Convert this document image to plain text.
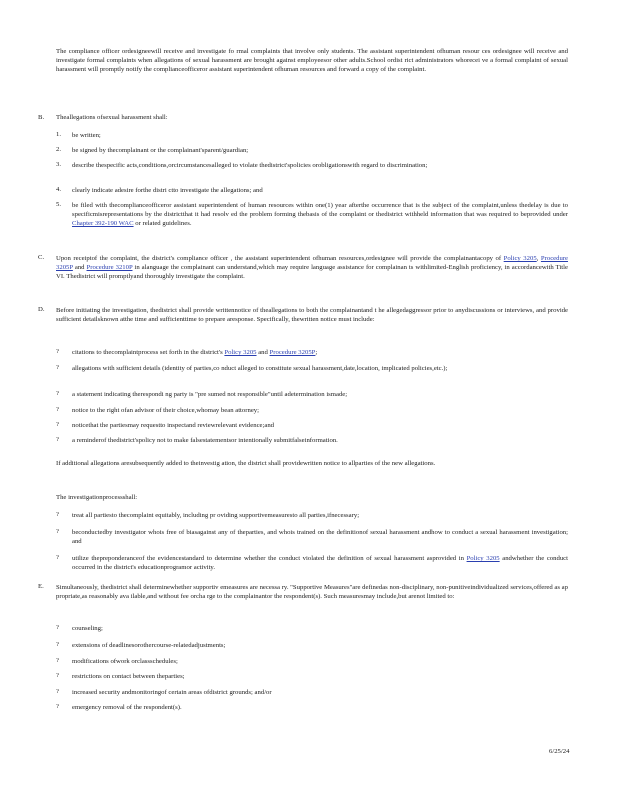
The compliance officer ordesigneewill receive and investigate fo rmal complaints that involve only students. The assistant superintendent ofhuman resour ces ordesignee will receive and investigate formal complaints when allegations of sexual harassment are brought against employeesor other adults.School ordist rict administrators whorecei ve a formal complaint of sexual harassment will promptly notify the complianceofficeror assistant superintendent ofhuman resources and forward a copy of the complaint.
B. Theallegations ofsexual harassment shall:
1. be written;
2. be signed by thecomplainant or the complainant'sparent/guardian;
3. describe thespecific acts,conditions,orcircumstancesalleged to violate thedistrict'spolicies orobligationswith regard to discrimination;
4. clearly indicate adesire forthe distri ctto investigate the allegations; and
5. be filed with thecomplianceofficeror assistant superintendent of human resources within one(1) year afterthe occurrence that is the subject of the complaint,unless thedelay is due to specificmisrepresentations by the districtthat it had resolv ed the problem forming thebasis of the complaint or thedistrict withheld information that was required to beprovided under Chapter 392-190 WAC or related guidelines.
C. Upon receiptof the complaint, the district's compliance officer , the assistant superintendent ofhuman resources,ordesignee will provide the complainantacopy of Policy 3205, Procedure 3205P and Procedure 3210P in alanguage the complainant can understand,which may require language assistance for complainan ts withlimited-English proficiency, in accordancewith Title VI. Thedistrict will promptlyand thoroughly investigate the complaint.
D. Before initiating the investigation, thedistrict shall provide writtennotice of theallegations to both the complainantand t he allegedaggressor prior to anydiscussions or interviews, and provide sufficient detailsknown atthe time and sufficienttime to prepare aresponse. Specifically, thewritten notice must include:
? citations to thecomplaintprocess set forth in the district's Policy 3205 and Procedure 3205P;
? allegations with sufficient details (identity of parties,co nduct alleged to constitute sexual harassment,date,location, implicated policies,etc.);
? a statement indicating therespondi ng party is "pre sumed not responsible"until adetermination ismade;
? notice to the right ofan advisor of their choice,whomay bean attorney;
? noticethat the partiesmay requestto inspectand reviewrelevant evidence;and
? a reminderof thedistrict'spolicy not to make falsestatementsor intentionally submitfalseinformation.
If additional allegations aresubsequently added to theinvestig ation, the district shall providewritten notice to allparties of the new allegations.
The investigationprocessshall:
? treat all partiesto thecomplaint equitably, including pr oviding supportivemeasuresto all parties,ifnecessary;
? beconductedby investigator whois free of biasagainst any of theparties, and whois trained on the definitionof sexual harassment andhow to conduct a sexual harassment investigation; and
? utilize thepreponderanceof the evidencestandard to determine whether the conduct violated the definition of sexual harassment asprovided in Policy 3205 andwhether the conduct occurred in the district's educationprogramor activity.
E. Simultaneously, thedistrict shall determinewhether supportiv emeasures are necessa ry. "Supportive Measures"are definedas non-disciplinary, non-punitiveindividualized services,offered as ap propriate,as reasonably ava ilable,and without fee orcha rge to the complainantor the respondent(s). Such measuresmay include,but arenot limited to:
? counseling;
? extensions of deadlinesorothercourse-relatedadjustments;
? modifications ofwork orclassschedules;
? restrictions on contact between theparties;
? increased security andmonitoringof certain areas ofdistrict grounds; and/or
? emergency removal of the respondent(s).
6/25/24
